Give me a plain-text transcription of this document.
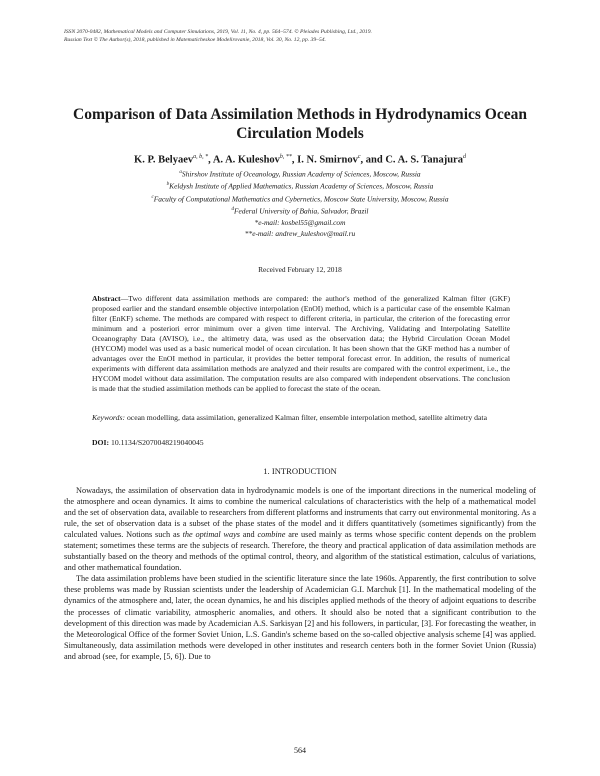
ISSN 2070-0482, Mathematical Models and Computer Simulations, 2019, Vol. 11, No. 4, pp. 564–574. © Pleiades Publishing, Ltd., 2019.
Russian Text © The Author(s), 2018, published in Matematicheskoe Modelirovanie, 2018, Vol. 30, No. 12, pp. 39–54.
Comparison of Data Assimilation Methods in Hydrodynamics Ocean Circulation Models
K. P. Belyaev$^{a, b, *}$, A. A. Kuleshov$^{b, **}$, I. N. Smirnov$^c$, and C. A. S. Tanajura$^d$
$^a$Shirshov Institute of Oceanology, Russian Academy of Sciences, Moscow, Russia
$^b$Keldysh Institute of Applied Mathematics, Russian Academy of Sciences, Moscow, Russia
$^c$Faculty of Computational Mathematics and Cybernetics, Moscow State University, Moscow, Russia
$^d$Federal University of Bahia, Salvador, Brazil
*e-mail: kosbel55@gmail.com
**e-mail: andrew_kuleshov@mail.ru
Received February 12, 2018
Abstract—Two different data assimilation methods are compared: the author's method of the generalized Kalman filter (GKF) proposed earlier and the standard ensemble objective interpolation (EnOI) method, which is a particular case of the ensemble Kalman filter (EnKF) scheme. The methods are compared with respect to different criteria, in particular, the criterion of the forecasting error minimum and a posteriori error minimum over a given time interval. The Archiving, Validating and Interpolating Satellite Oceanography Data (AVISO), i.e., the altimetry data, was used as the observation data; the Hybrid Circulation Ocean Model (HYCOM) model was used as a basic numerical model of ocean circulation. It has been shown that the GKF method has a number of advantages over the EnOI method in particular, it provides the better temporal forecast error. In addition, the results of numerical experiments with different data assimilation methods are analyzed and their results are compared with the control experiment, i.e., the HYCOM model without data assimilation. The computation results are also compared with independent observations. The conclusion is made that the studied assimilation methods can be applied to forecast the state of the ocean.
Keywords: ocean modelling, data assimilation, generalized Kalman filter, ensemble interpolation method, satellite altimetry data
DOI: 10.1134/S2070048219040045
1. INTRODUCTION

Nowadays, the assimilation of observation data in hydrodynamic models is one of the important directions in the numerical modeling of the atmosphere and ocean dynamics. It aims to combine the numerical calculations of characteristics with the help of a mathematical model and the set of observation data, available to researchers from different platforms and instruments that carry out environmental monitoring. As a rule, the set of observation data is a subset of the phase states of the model and it differs quantitatively (sometimes significantly) from the calculated values. Notions such as the optimal ways and combine are used mainly as terms whose specific content depends on the problem statement; sometimes these terms are the subjects of research. Therefore, the theory and practical application of data assimilation methods are substantially based on the theory and methods of the optimal control, theory, and algorithm of the statistical estimation, calculus of variations, and other mathematical foundation.

The data assimilation problems have been studied in the scientific literature since the late 1960s. Apparently, the first contribution to solve these problems was made by Russian scientists under the leadership of Academician G.I. Marchuk [1]. In the mathematical modeling of the dynamics of the atmosphere and, later, the ocean dynamics, he and his disciples applied methods of the theory of adjoint equations to describe the processes of climatic variability, atmospheric anomalies, and others. It should also be noted that a significant contribution to the development of this direction was made by Academician A.S. Sarkisyan [2] and his followers, in particular, [3]. For forecasting the weather, in the Meteorological Office of the former Soviet Union, L.S. Gandin's scheme based on the so-called objective analysis scheme [4] was applied. Simultaneously, data assimilation methods were developed in other institutes and research centers both in the former Soviet Union (Russia) and abroad (see, for example, [5, 6]). Due to

564
